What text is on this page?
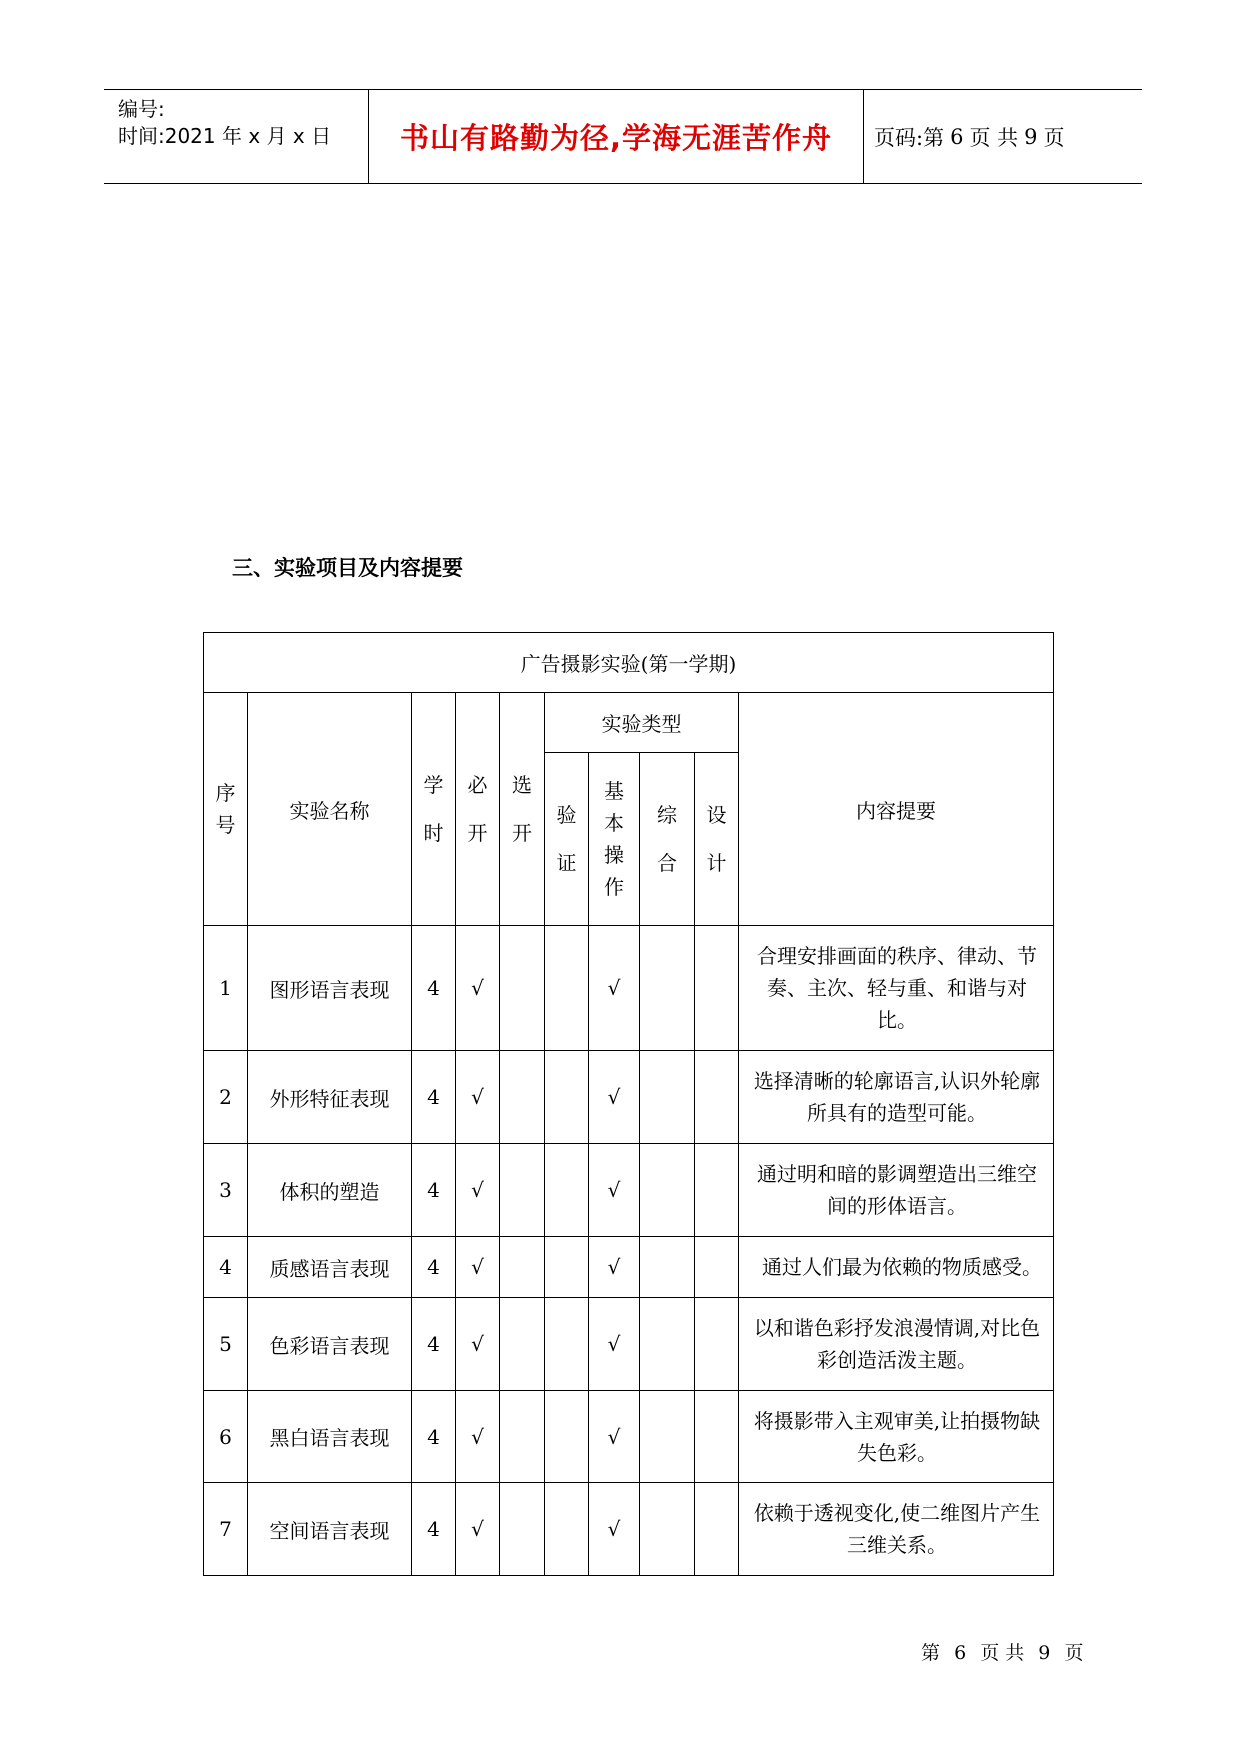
编号:
时间:2021 年 x 月 x 日	书山有路勤为径,学海无涯苦作舟	页码:第 6 页 共 9 页
三、实验项目及内容提要
广告摄影实验(第一学期)									
序号	实验名称	学时	必开	选开	实验类型				内容提要
					验证	基本操作	综合	设计	
1	图形语言表现	4	√			√			合理安排画面的秩序、律动、节奏、主次、轻与重、和谐与对比。
2	外形特征表现	4	√			√			选择清晰的轮廓语言,认识外轮廓所具有的造型可能。
3	体积的塑造	4	√			√			通过明和暗的影调塑造出三维空间的形体语言。
4	质感语言表现	4	√			√			通过人们最为依赖的物质感受。
5	色彩语言表现	4	√			√			以和谐色彩抒发浪漫情调,对比色彩创造活泼主题。
6	黑白语言表现	4	√			√			将摄影带入主观审美,让拍摄物缺失色彩。
7	空间语言表现	4	√			√			依赖于透视变化,使二维图片产生三维关系。
第 6 页 共 9 页
